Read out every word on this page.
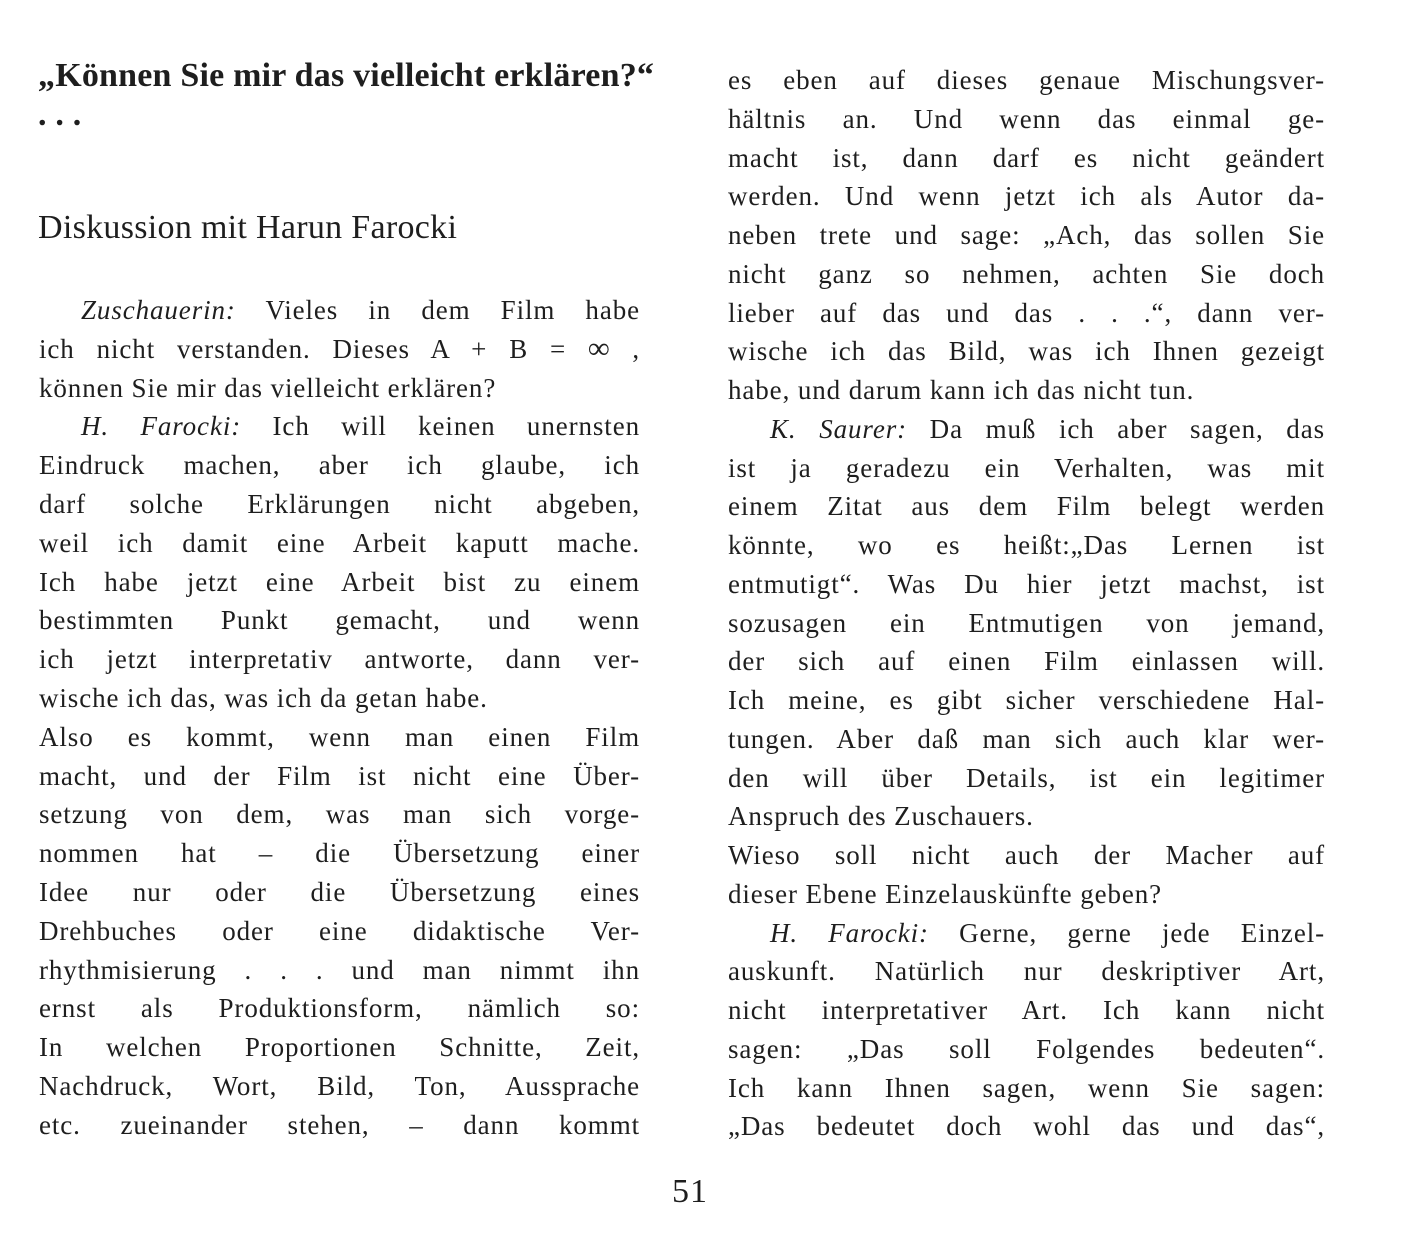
„Können Sie mir das vielleicht erklären?“ . . .
Diskussion mit Harun Farocki
Zuschauerin: Vieles in dem Film habe
ich nicht verstanden. Dieses A + B = ∞ ,
können Sie mir das vielleicht erklären?
H. Farocki: Ich will keinen unernsten
Eindruck machen, aber ich glaube, ich
darf solche Erklärungen nicht abgeben,
weil ich damit eine Arbeit kaputt mache.
Ich habe jetzt eine Arbeit bist zu einem
bestimmten Punkt gemacht, und wenn
ich jetzt interpretativ antworte, dann ver-
wische ich das, was ich da getan habe.
Also es kommt, wenn man einen Film
macht, und der Film ist nicht eine Über-
setzung von dem, was man sich vorge-
nommen hat – die Übersetzung einer
Idee nur oder die Übersetzung eines
Drehbuches oder eine didaktische Ver-
rhythmisierung . . . und man nimmt ihn
ernst als Produktionsform, nämlich so:
In welchen Proportionen Schnitte, Zeit,
Nachdruck, Wort, Bild, Ton, Aussprache
etc. zueinander stehen, – dann kommt
es eben auf dieses genaue Mischungsver-
hältnis an. Und wenn das einmal ge-
macht ist, dann darf es nicht geändert
werden. Und wenn jetzt ich als Autor da-
neben trete und sage: „Ach, das sollen Sie
nicht ganz so nehmen, achten Sie doch
lieber auf das und das . . .“, dann ver-
wische ich das Bild, was ich Ihnen gezeigt
habe, und darum kann ich das nicht tun.
K. Saurer: Da muß ich aber sagen, das
ist ja geradezu ein Verhalten, was mit
einem Zitat aus dem Film belegt werden
könnte, wo es heißt:„Das Lernen ist
entmutigt“. Was Du hier jetzt machst, ist
sozusagen ein Entmutigen von jemand,
der sich auf einen Film einlassen will.
Ich meine, es gibt sicher verschiedene Hal-
tungen. Aber daß man sich auch klar wer-
den will über Details, ist ein legitimer
Anspruch des Zuschauers.
Wieso soll nicht auch der Macher auf
dieser Ebene Einzelauskünfte geben?
H. Farocki: Gerne, gerne jede Einzel-
auskunft. Natürlich nur deskriptiver Art,
nicht interpretativer Art. Ich kann nicht
sagen: „Das soll Folgendes bedeuten“.
Ich kann Ihnen sagen, wenn Sie sagen:
„Das bedeutet doch wohl das und das“,
51
